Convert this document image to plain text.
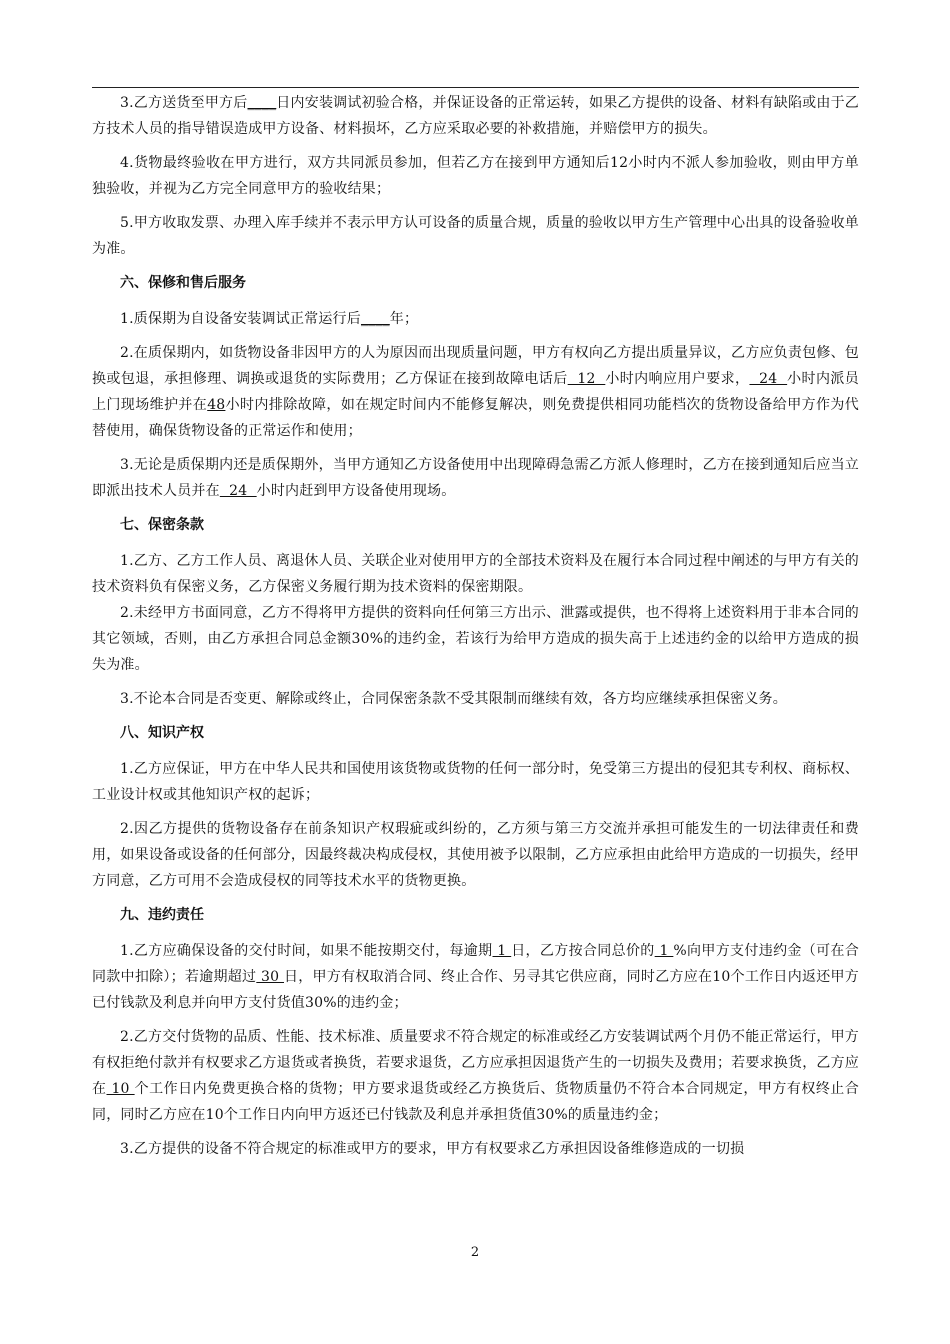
3.乙方送货至甲方后____日内安装调试初验合格，并保证设备的正常运转，如果乙方提供的设备、材料有缺陷或由于乙方技术人员的指导错误造成甲方设备、材料损坏，乙方应采取必要的补救措施，并赔偿甲方的损失。

4.货物最终验收在甲方进行，双方共同派员参加，但若乙方在接到甲方通知后12小时内不派人参加验收，则由甲方单独验收，并视为乙方完全同意甲方的验收结果；

5.甲方收取发票、办理入库手续并不表示甲方认可设备的质量合规，质量的验收以甲方生产管理中心出具的设备验收单为准。

六、保修和售后服务

1.质保期为自设备安装调试正常运行后____年；

2.在质保期内，如货物设备非因甲方的人为原因而出现质量问题，甲方有权向乙方提出质量异议，乙方应负责包修、包换或包退，承担修理、调换或退货的实际费用；乙方保证在接到故障电话后  12  小时内响应用户要求，  24  小时内派员上门现场维护并在48小时内排除故障，如在规定时间内不能修复解决，则免费提供相同功能档次的货物设备给甲方作为代替使用，确保货物设备的正常运作和使用；

3.无论是质保期内还是质保期外，当甲方通知乙方设备使用中出现障碍急需乙方派人修理时，乙方在接到通知后应当立即派出技术人员并在  24  小时内赶到甲方设备使用现场。

七、保密条款

1.乙方、乙方工作人员、离退休人员、关联企业对使用甲方的全部技术资料及在履行本合同过程中阐述的与甲方有关的技术资料负有保密义务，乙方保密义务履行期为技术资料的保密期限。

2.未经甲方书面同意，乙方不得将甲方提供的资料向任何第三方出示、泄露或提供，也不得将上述资料用于非本合同的其它领域，否则，由乙方承担合同总金额30%的违约金，若该行为给甲方造成的损失高于上述违约金的以给甲方造成的损失为准。

3.不论本合同是否变更、解除或终止，合同保密条款不受其限制而继续有效，各方均应继续承担保密义务。

八、知识产权

1.乙方应保证，甲方在中华人民共和国使用该货物或货物的任何一部分时，免受第三方提出的侵犯其专利权、商标权、工业设计权或其他知识产权的起诉；

2.因乙方提供的货物设备存在前条知识产权瑕疵或纠纷的，乙方须与第三方交流并承担可能发生的一切法律责任和费用，如果设备或设备的任何部分，因最终裁决构成侵权，其使用被予以限制，乙方应承担由此给甲方造成的一切损失，经甲方同意，乙方可用不会造成侵权的同等技术水平的货物更换。

九、违约责任

1.乙方应确保设备的交付时间，如果不能按期交付，每逾期 1 日，乙方按合同总价的 1 %向甲方支付违约金（可在合同款中扣除）；若逾期超过 30 日，甲方有权取消合同、终止合作、另寻其它供应商，同时乙方应在10个工作日内返还甲方已付钱款及利息并向甲方支付货值30%的违约金；

2.乙方交付货物的品质、性能、技术标准、质量要求不符合规定的标准或经乙方安装调试两个月仍不能正常运行，甲方有权拒绝付款并有权要求乙方退货或者换货，若要求退货，乙方应承担因退货产生的一切损失及费用；若要求换货，乙方应在 10 个工作日内免费更换合格的货物；甲方要求退货或经乙方换货后、货物质量仍不符合本合同规定，甲方有权终止合同，同时乙方应在10个工作日内向甲方返还已付钱款及利息并承担货值30%的质量违约金；

3.乙方提供的设备不符合规定的标准或甲方的要求，甲方有权要求乙方承担因设备维修造成的一切损

2
